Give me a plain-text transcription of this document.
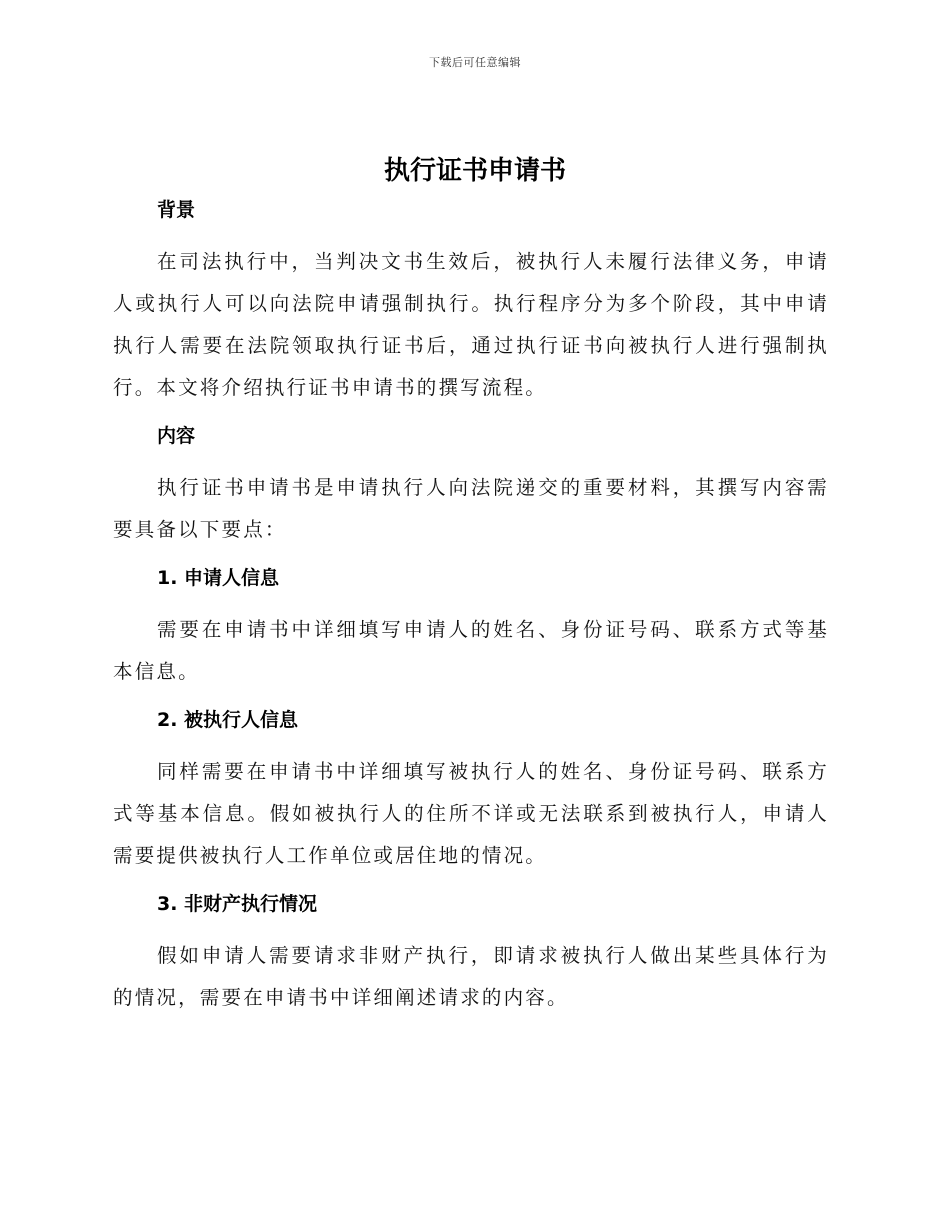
下载后可任意编辑
执行证书申请书
背景

在司法执行中，当判决文书生效后，被执行人未履行法律义务，申请人或执行人可以向法院申请强制执行。执行程序分为多个阶段，其中申请执行人需要在法院领取执行证书后，通过执行证书向被执行人进行强制执行。本文将介绍执行证书申请书的撰写流程。

内容

执行证书申请书是申请执行人向法院递交的重要材料，其撰写内容需要具备以下要点：

1. 申请人信息

需要在申请书中详细填写申请人的姓名、身份证号码、联系方式等基本信息。

2. 被执行人信息

同样需要在申请书中详细填写被执行人的姓名、身份证号码、联系方式等基本信息。假如被执行人的住所不详或无法联系到被执行人，申请人需要提供被执行人工作单位或居住地的情况。

3. 非财产执行情况

假如申请人需要请求非财产执行，即请求被执行人做出某些具体行为的情况，需要在申请书中详细阐述请求的内容。
